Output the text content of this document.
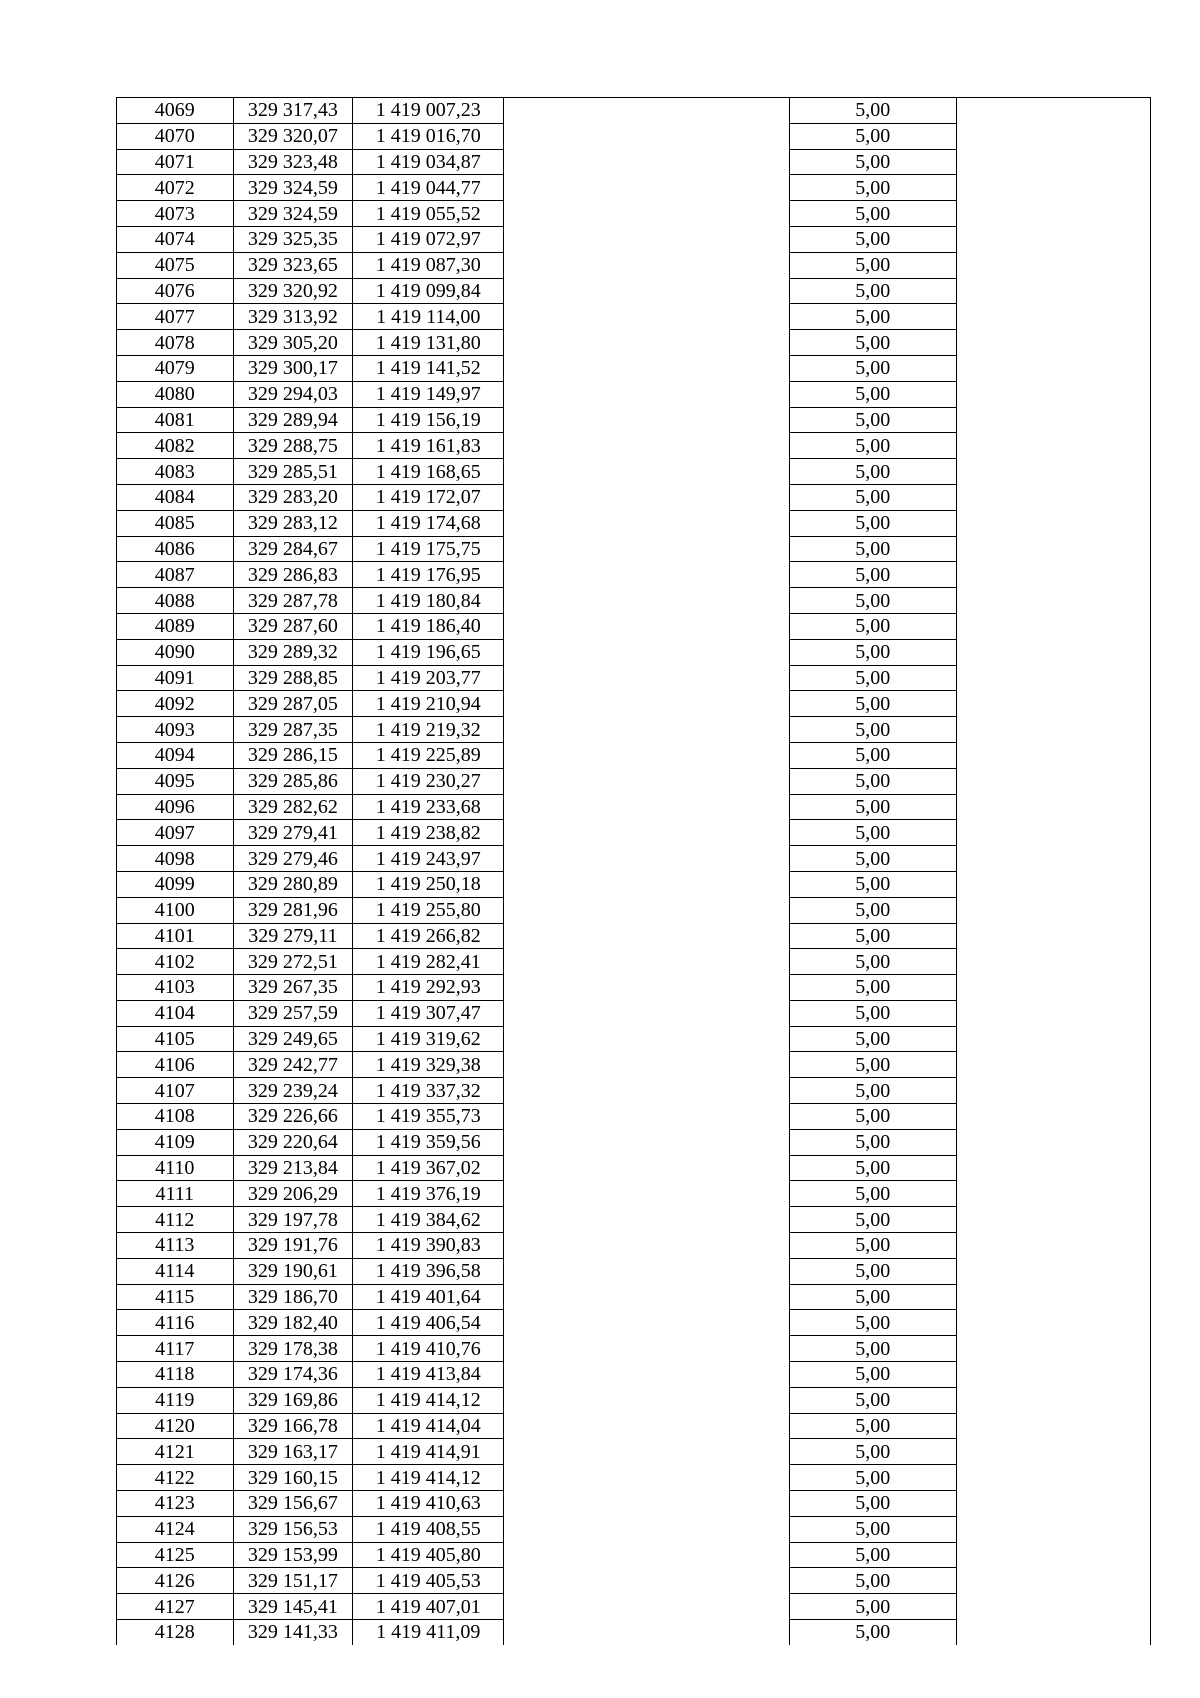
4069	329 317,43	1 419 007,23		5,00	
4070	329 320,07	1 419 016,70		5,00	
4071	329 323,48	1 419 034,87		5,00	
4072	329 324,59	1 419 044,77		5,00	
4073	329 324,59	1 419 055,52		5,00	
4074	329 325,35	1 419 072,97		5,00	
4075	329 323,65	1 419 087,30		5,00	
4076	329 320,92	1 419 099,84		5,00	
4077	329 313,92	1 419 114,00		5,00	
4078	329 305,20	1 419 131,80		5,00	
4079	329 300,17	1 419 141,52		5,00	
4080	329 294,03	1 419 149,97		5,00	
4081	329 289,94	1 419 156,19		5,00	
4082	329 288,75	1 419 161,83		5,00	
4083	329 285,51	1 419 168,65		5,00	
4084	329 283,20	1 419 172,07		5,00	
4085	329 283,12	1 419 174,68		5,00	
4086	329 284,67	1 419 175,75		5,00	
4087	329 286,83	1 419 176,95		5,00	
4088	329 287,78	1 419 180,84		5,00	
4089	329 287,60	1 419 186,40		5,00	
4090	329 289,32	1 419 196,65		5,00	
4091	329 288,85	1 419 203,77		5,00	
4092	329 287,05	1 419 210,94		5,00	
4093	329 287,35	1 419 219,32		5,00	
4094	329 286,15	1 419 225,89		5,00	
4095	329 285,86	1 419 230,27		5,00	
4096	329 282,62	1 419 233,68		5,00	
4097	329 279,41	1 419 238,82		5,00	
4098	329 279,46	1 419 243,97		5,00	
4099	329 280,89	1 419 250,18		5,00	
4100	329 281,96	1 419 255,80		5,00	
4101	329 279,11	1 419 266,82		5,00	
4102	329 272,51	1 419 282,41		5,00	
4103	329 267,35	1 419 292,93		5,00	
4104	329 257,59	1 419 307,47		5,00	
4105	329 249,65	1 419 319,62		5,00	
4106	329 242,77	1 419 329,38		5,00	
4107	329 239,24	1 419 337,32		5,00	
4108	329 226,66	1 419 355,73		5,00	
4109	329 220,64	1 419 359,56		5,00	
4110	329 213,84	1 419 367,02		5,00	
4111	329 206,29	1 419 376,19		5,00	
4112	329 197,78	1 419 384,62		5,00	
4113	329 191,76	1 419 390,83		5,00	
4114	329 190,61	1 419 396,58		5,00	
4115	329 186,70	1 419 401,64		5,00	
4116	329 182,40	1 419 406,54		5,00	
4117	329 178,38	1 419 410,76		5,00	
4118	329 174,36	1 419 413,84		5,00	
4119	329 169,86	1 419 414,12		5,00	
4120	329 166,78	1 419 414,04		5,00	
4121	329 163,17	1 419 414,91		5,00	
4122	329 160,15	1 419 414,12		5,00	
4123	329 156,67	1 419 410,63		5,00	
4124	329 156,53	1 419 408,55		5,00	
4125	329 153,99	1 419 405,80		5,00	
4126	329 151,17	1 419 405,53		5,00	
4127	329 145,41	1 419 407,01		5,00	
4128	329 141,33	1 419 411,09		5,00	
